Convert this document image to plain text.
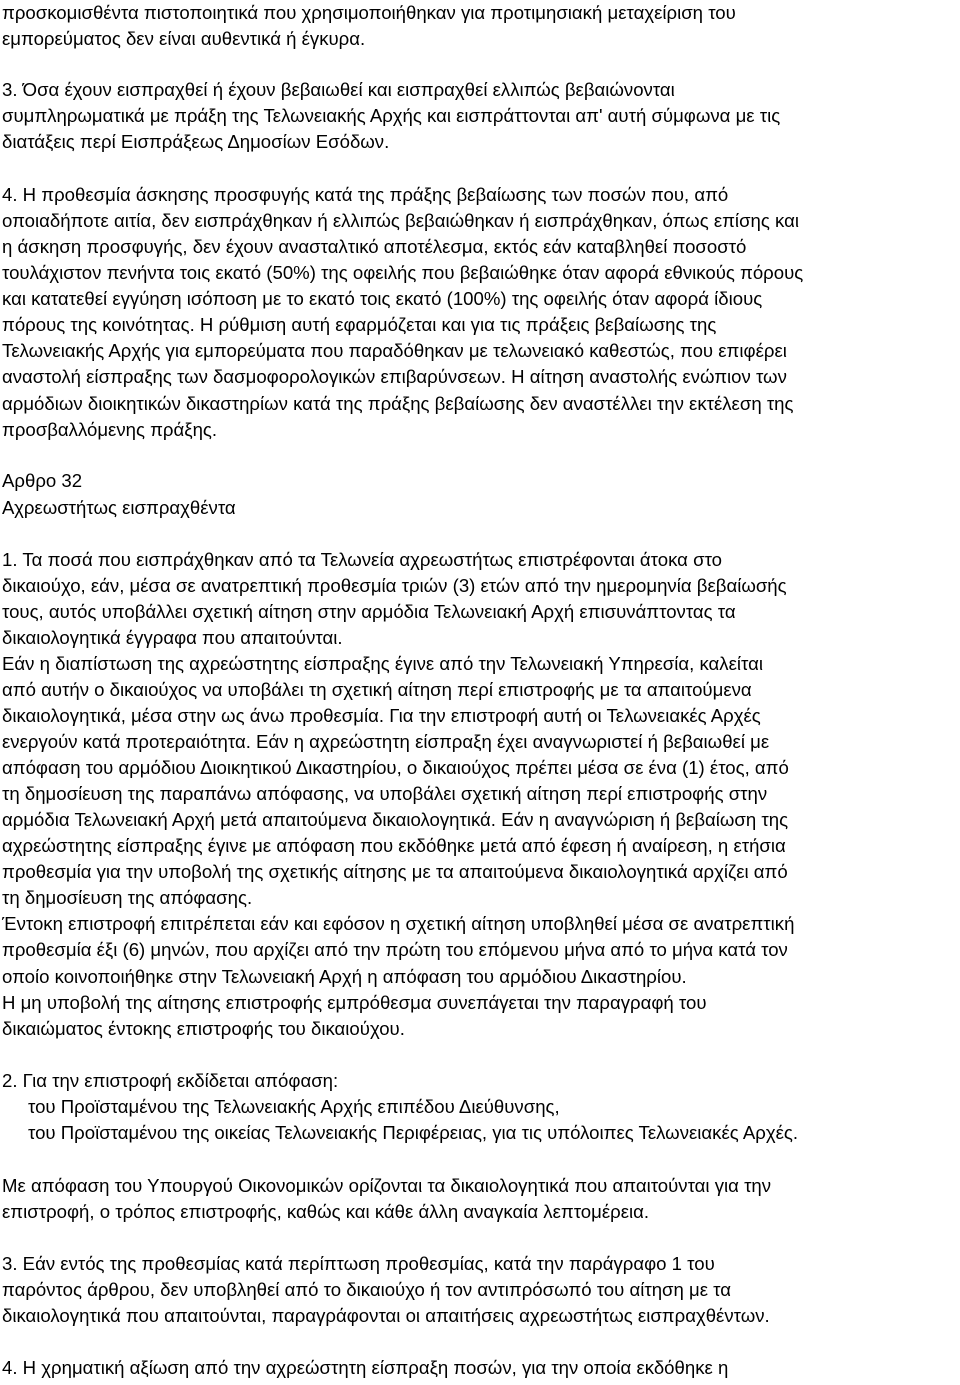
προσκομισθέντα πιστοποιητικά που χρησιμοποιήθηκαν για προτιμησιακή μεταχείριση του
εμπορεύματος δεν είναι αυθεντικά ή έγκυρα.
3. Όσα έχουν εισπραχθεί ή έχουν βεβαιωθεί και εισπραχθεί ελλιπώς βεβαιώνονται
συμπληρωματικά με πράξη της Τελωνειακής Αρχής και εισπράττονται απ' αυτή σύμφωνα με τις
διατάξεις περί Εισπράξεως Δημοσίων Εσόδων.
4. Η προθεσμία άσκησης προσφυγής κατά της πράξης βεβαίωσης των ποσών που, από
οποιαδήποτε αιτία, δεν εισπράχθηκαν ή ελλιπώς βεβαιώθηκαν ή εισπράχθηκαν, όπως επίσης και
η άσκηση προσφυγής, δεν έχουν ανασταλτικό αποτέλεσμα, εκτός εάν καταβληθεί ποσοστό
τουλάχιστον πενήντα τοις εκατό (50%) της οφειλής που βεβαιώθηκε όταν αφορά εθνικούς πόρους
και κατατεθεί εγγύηση ισόποση με το εκατό τοις εκατό (100%) της οφειλής όταν αφορά ίδιους
πόρους της κοινότητας. Η ρύθμιση αυτή εφαρμόζεται και για τις πράξεις βεβαίωσης της
Τελωνειακής Αρχής για εμπορεύματα που παραδόθηκαν με τελωνειακό καθεστώς, που επιφέρει
αναστολή είσπραξης των δασμοφορολογικών επιβαρύνσεων. Η αίτηση αναστολής ενώπιον των
αρμόδιων διοικητικών δικαστηρίων κατά της πράξης βεβαίωσης δεν αναστέλλει την εκτέλεση της
προσβαλλόμενης πράξης.
Αρθρο 32
Αχρεωστήτως εισπραχθέντα
1. Τα ποσά που εισπράχθηκαν από τα Τελωνεία αχρεωστήτως επιστρέφονται άτοκα στο
δικαιούχο, εάν, μέσα σε ανατρεπτική προθεσμία τριών (3) ετών από την ημερομηνία βεβαίωσής
τους, αυτός υποβάλλει σχετική αίτηση στην αρμόδια Τελωνειακή Αρχή επισυνάπτοντας τα
δικαιολογητικά έγγραφα που απαιτούνται.
Εάν η διαπίστωση της αχρεώστητης είσπραξης έγινε από την Τελωνειακή Υπηρεσία, καλείται
από αυτήν ο δικαιούχος να υποβάλει τη σχετική αίτηση περί επιστροφής με τα απαιτούμενα
δικαιολογητικά, μέσα στην ως άνω προθεσμία. Για την επιστροφή αυτή οι Τελωνειακές Αρχές
ενεργούν κατά προτεραιότητα. Εάν η αχρεώστητη είσπραξη έχει αναγνωριστεί ή βεβαιωθεί με
απόφαση του αρμόδιου Διοικητικού Δικαστηρίου, ο δικαιούχος πρέπει μέσα σε ένα (1) έτος, από
τη δημοσίευση της παραπάνω απόφασης, να υποβάλει σχετική αίτηση περί επιστροφής στην
αρμόδια Τελωνειακή Αρχή μετά απαιτούμενα δικαιολογητικά. Εάν η αναγνώριση ή βεβαίωση της
αχρεώστητης είσπραξης έγινε με απόφαση που εκδόθηκε μετά από έφεση ή αναίρεση, η ετήσια
προθεσμία για την υποβολή της σχετικής αίτησης με τα απαιτούμενα δικαιολογητικά αρχίζει από
τη δημοσίευση της απόφασης.
Έντοκη επιστροφή επιτρέπεται εάν και εφόσον η σχετική αίτηση υποβληθεί μέσα σε ανατρεπτική
προθεσμία έξι (6) μηνών, που αρχίζει από την πρώτη του επόμενου μήνα από το μήνα κατά τον
οποίο κοινοποιήθηκε στην Τελωνειακή Αρχή η απόφαση του αρμόδιου Δικαστηρίου.
Η μη υποβολή της αίτησης επιστροφής εμπρόθεσμα συνεπάγεται την παραγραφή του
δικαιώματος έντοκης επιστροφής του δικαιούχου.
2. Για την επιστροφή εκδίδεται απόφαση:
του Προϊσταμένου της Τελωνειακής Αρχής επιπέδου Διεύθυνσης,
του Προϊσταμένου της οικείας Τελωνειακής Περιφέρειας, για τις υπόλοιπες Τελωνειακές Αρχές.
Με απόφαση του Υπουργού Οικονομικών ορίζονται τα δικαιολογητικά που απαιτούνται για την
επιστροφή, ο τρόπος επιστροφής, καθώς και κάθε άλλη αναγκαία λεπτομέρεια.
3. Εάν εντός της προθεσμίας κατά περίπτωση προθεσμίας, κατά την παράγραφο 1 του
παρόντος άρθρου, δεν υποβληθεί από το δικαιούχο ή τον αντιπρόσωπό του αίτηση με τα
δικαιολογητικά που απαιτούνται, παραγράφονται οι απαιτήσεις αχρεωστήτως εισπραχθέντων.
4. Η χρηματική αξίωση από την αχρεώστητη είσπραξη ποσών, για την οποία εκδόθηκε η
